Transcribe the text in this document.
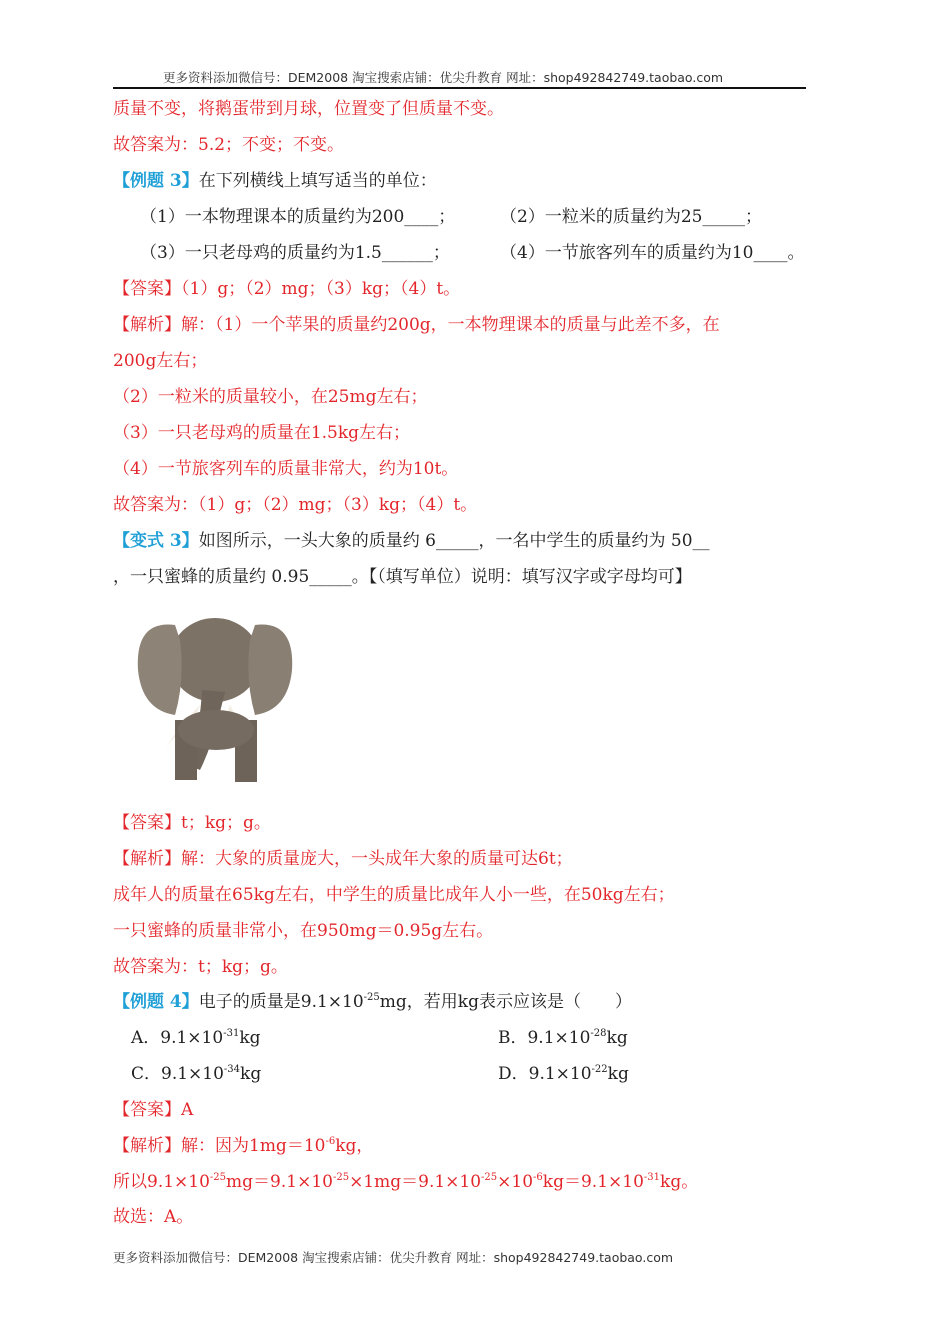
更多资料添加微信号：DEM2008 淘宝搜索店铺：优尖升教育 网址：shop492842749.taobao.com
质量不变，将鹅蛋带到月球，位置变了但质量不变。
故答案为：5.2；不变；不变。
【例题 3】在下列横线上填写适当的单位：
（1）一本物理课本的质量约为200____；	（2）一粒米的质量约为25_____；
（3）一只老母鸡的质量约为1.5______；	（4）一节旅客列车的质量约为10____。
【答案】（1）g；（2）mg；（3）kg；（4）t。
【解析】解：（1）一个苹果的质量约200g，一本物理课本的质量与此差不多，在
200g左右；
（2）一粒米的质量较小，在25mg左右；
（3）一只老母鸡的质量在1.5kg左右；
（4）一节旅客列车的质量非常大，约为10t。
故答案为：（1）g；（2）mg；（3）kg；（4）t。
【变式 3】如图所示，一头大象的质量约 6_____，一名中学生的质量约为 50__
，一只蜜蜂的质量约 0.95_____。【（填写单位）说明：填写汉字或字母均可】
【答案】t；kg；g。
【解析】解：大象的质量庞大，一头成年大象的质量可达6t；
成年人的质量在65kg左右，中学生的质量比成年人小一些，在50kg左右；
一只蜜蜂的质量非常小，在950mg＝0.95g左右。
故答案为：t；kg；g。
【例题 4】电子的质量是$9.1\times 10^{-25}mg$，若用kg表示应该是（　　）
A．$9.1\times 10^{-31}kg$	B．$9.1\times 10^{-28}kg$
C．$9.1\times 10^{-34}kg$	D．$9.1\times 10^{-22}kg$
【答案】A
【解析】解：因为$1mg=10^{-6}kg$，
所以$9.1\times 10^{-25}mg=9.1\times 10^{-25}\times 1mg=9.1\times 10^{-25}\times 10^{-6}kg=9.1\times 10^{-31}kg$。
故选：A。
更多资料添加微信号：DEM2008 淘宝搜索店铺：优尖升教育 网址：shop492842749.taobao.com
